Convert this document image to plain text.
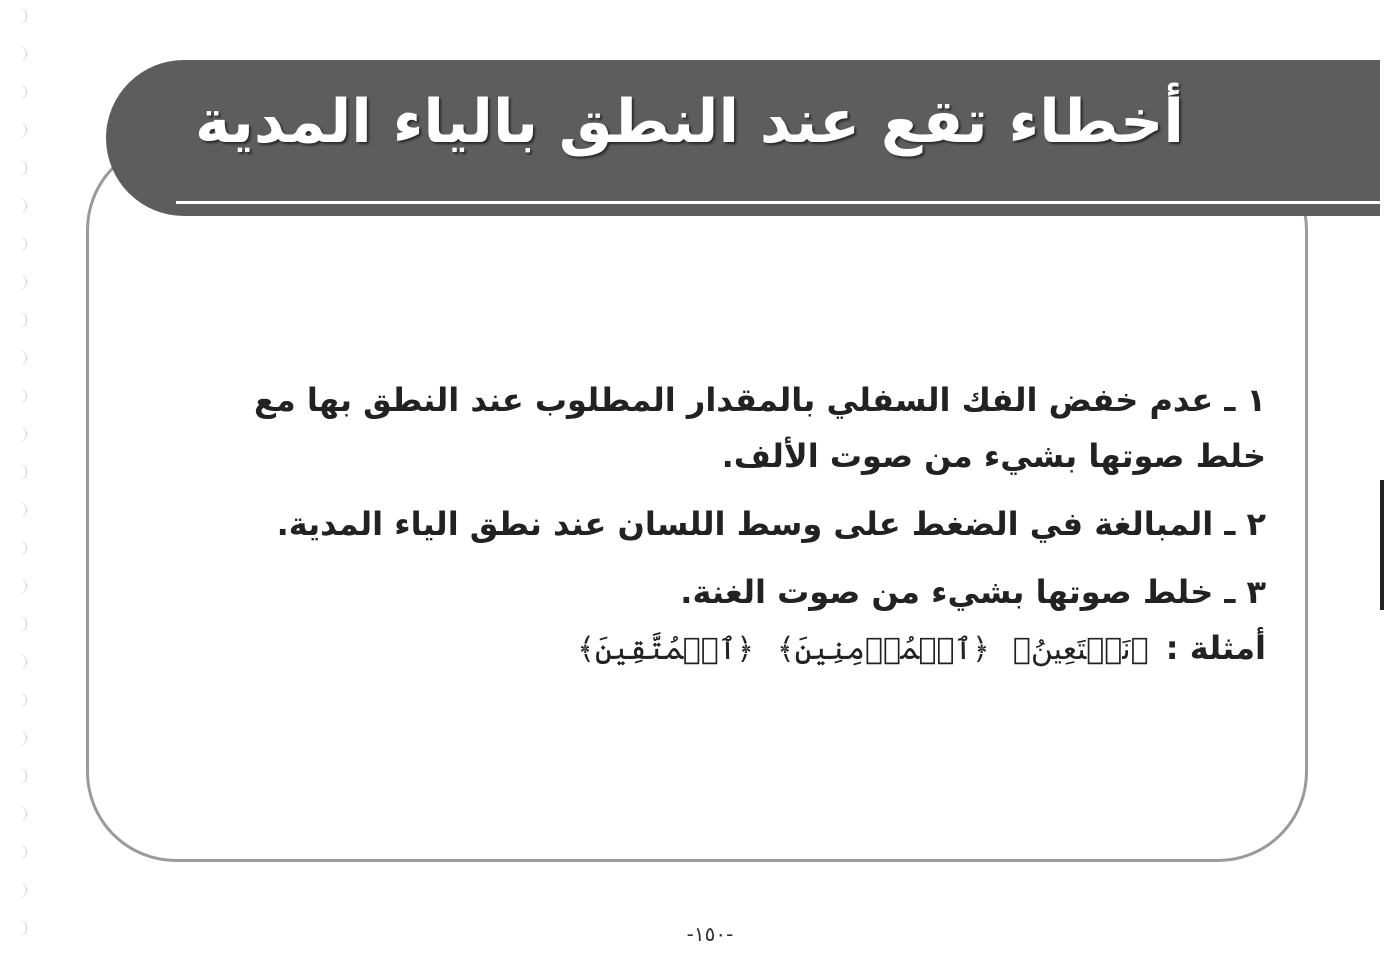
أخطاء تقع عند النطق بالياء المدية

١ ـ عدم خفض الفك السفلي بالمقدار المطلوب عند النطق بها مع خلط صوتها بشيء من صوت الألف.

٢ ـ المبالغة في الضغط على وسط اللسان عند نطق الياء المدية.

٣ ـ خلط صوتها بشيء من صوت الغنة.

أمثلة : ﴿نَسۡتَعِينُ﴾ ﴿ٱلۡمُؤۡمِنِينَ﴾ ﴿ٱلۡمُتَّقِينَ﴾
-١٥٠-
